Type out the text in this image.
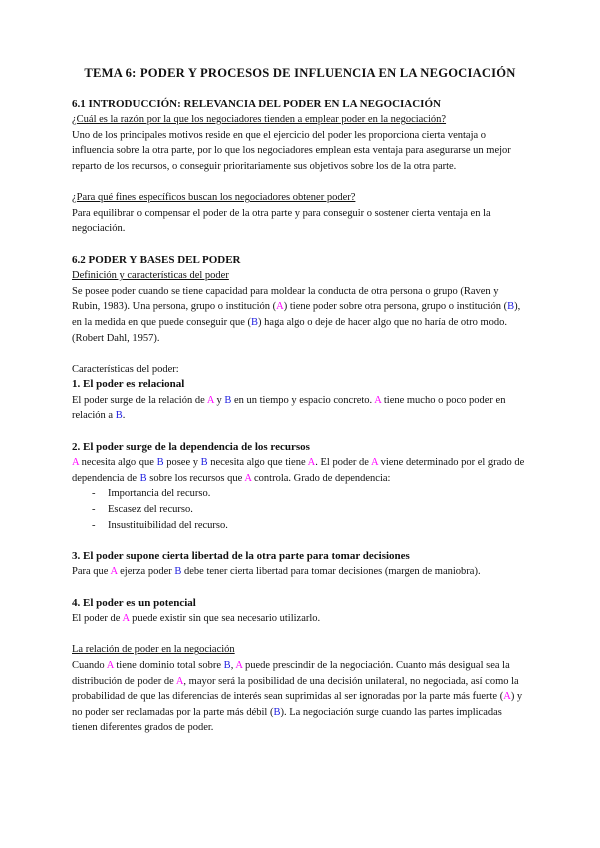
TEMA 6: PODER Y PROCESOS DE INFLUENCIA EN LA NEGOCIACIÓN

6.1 INTRODUCCIÓN: RELEVANCIA DEL PODER EN LA NEGOCIACIÓN

¿Cuál es la razón por la que los negociadores tienden a emplear poder en la negociación?

Uno de los principales motivos reside en que el ejercicio del poder les proporciona cierta ventaja o influencia sobre la otra parte, por lo que los negociadores emplean esta ventaja para asegurarse un mejor reparto de los recursos, o conseguir prioritariamente sus objetivos sobre los de la otra parte.

¿Para qué fines específicos buscan los negociadores obtener poder?

Para equilibrar o compensar el poder de la otra parte y para conseguir o sostener cierta ventaja en la negociación.

6.2 PODER Y BASES DEL PODER

Definición y características del poder

Se posee poder cuando se tiene capacidad para moldear la conducta de otra persona o grupo (Raven y Rubin, 1983). Una persona, grupo o institución (A) tiene poder sobre otra persona, grupo o institución (B), en la medida en que puede conseguir que (B) haga algo o deje de hacer algo que no haría de otro modo. (Robert Dahl, 1957).

Características del poder:

1. El poder es relacional

El poder surge de la relación de A y B en un tiempo y espacio concreto. A tiene mucho o poco poder en relación a B.

2. El poder surge de la dependencia de los recursos

A necesita algo que B posee y B necesita algo que tiene A. El poder de A viene determinado por el grado de dependencia de B sobre los recursos que A controla. Grado de dependencia:

- Importancia del recurso.
- Escasez del recurso.
- Insustituibilidad del recurso.

3. El poder supone cierta libertad de la otra parte para tomar decisiones

Para que A ejerza poder B debe tener cierta libertad para tomar decisiones (margen de maniobra).

4. El poder es un potencial

El poder de A puede existir sin que sea necesario utilizarlo.

La relación de poder en la negociación

Cuando A tiene dominio total sobre B, A puede prescindir de la negociación. Cuanto más desigual sea la distribución de poder de A, mayor será la posibilidad de una decisión unilateral, no negociada, así como la probabilidad de que las diferencias de interés sean suprimidas al ser ignoradas por la parte más fuerte (A) y no poder ser reclamadas por la parte más débil (B). La negociación surge cuando las partes implicadas tienen diferentes grados de poder.
